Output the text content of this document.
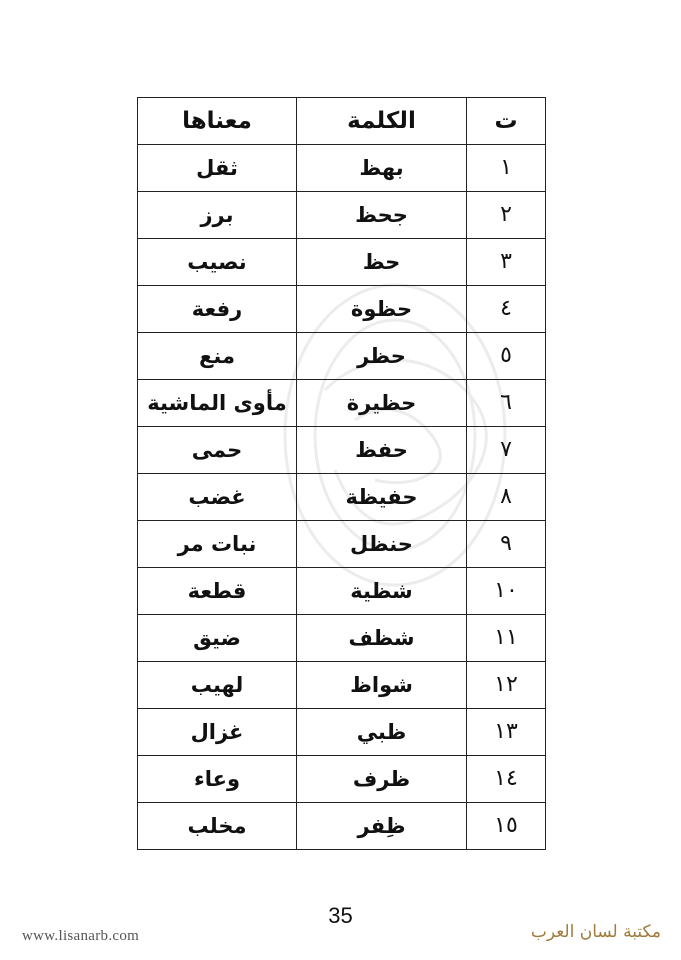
ت	الكلمة	معناها
١	بهظ	ثقل
٢	جحظ	برز
٣	حظ	نصيب
٤	حظوة	رفعة
٥	حظر	منع
٦	حظيرة	مأوى الماشية
٧	حفظ	حمى
٨	حفيظة	غضب
٩	حنظل	نبات مر
١٠	شظية	قطعة
١١	شظف	ضيق
١٢	شواظ	لهيب
١٣	ظبي	غزال
١٤	ظرف	وعاء
١٥	ظِفر	مخلب
35
www.lisanarb.com	مكتبة لسان العرب
